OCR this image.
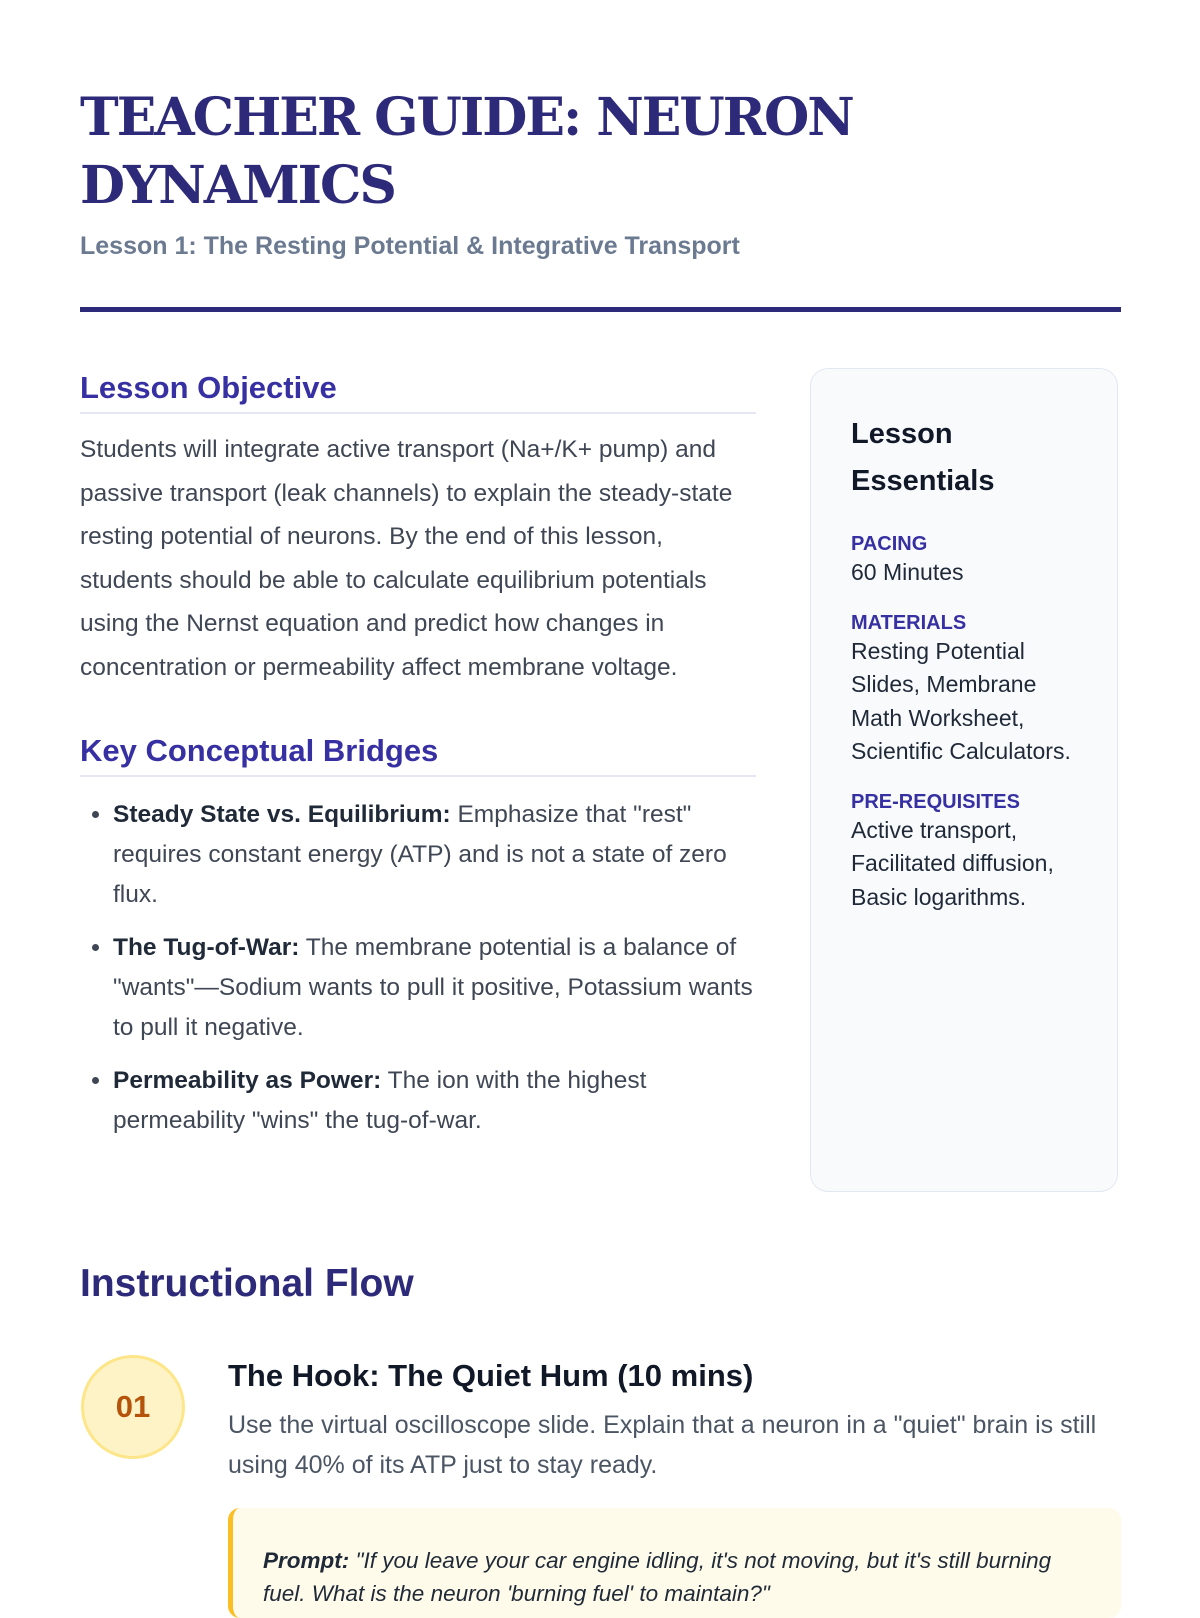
TEACHER GUIDE: NEURON DYNAMICS
Lesson 1: The Resting Potential & Integrative Transport
Lesson Objective

Students will integrate active transport (Na+/K+ pump) and passive transport (leak channels) to explain the steady-state resting potential of neurons. By the end of this lesson, students should be able to calculate equilibrium potentials using the Nernst equation and predict how changes in concentration or permeability affect membrane voltage.

Key Conceptual Bridges
• Steady State vs. Equilibrium: Emphasize that "rest" requires constant energy (ATP) and is not a state of zero flux.
• The Tug-of-War: The membrane potential is a balance of "wants"—Sodium wants to pull it positive, Potassium wants to pull it negative.
• Permeability as Power: The ion with the highest permeability "wins" the tug-of-war.
Lesson Essentials

PACING

60 Minutes

MATERIALS

Resting Potential Slides, Membrane Math Worksheet, Scientific Calculators.

PRE-REQUISITES

Active transport, Facilitated diffusion, Basic logarithms.

Instructional Flow
01
The Hook: The Quiet Hum (10 mins)

Use the virtual oscilloscope slide. Explain that a neuron in a "quiet" brain is still using 40% of its ATP just to stay ready.

Prompt: "If you leave your car engine idling, it's not moving, but it's still burning fuel. What is the neuron 'burning fuel' to maintain?"
